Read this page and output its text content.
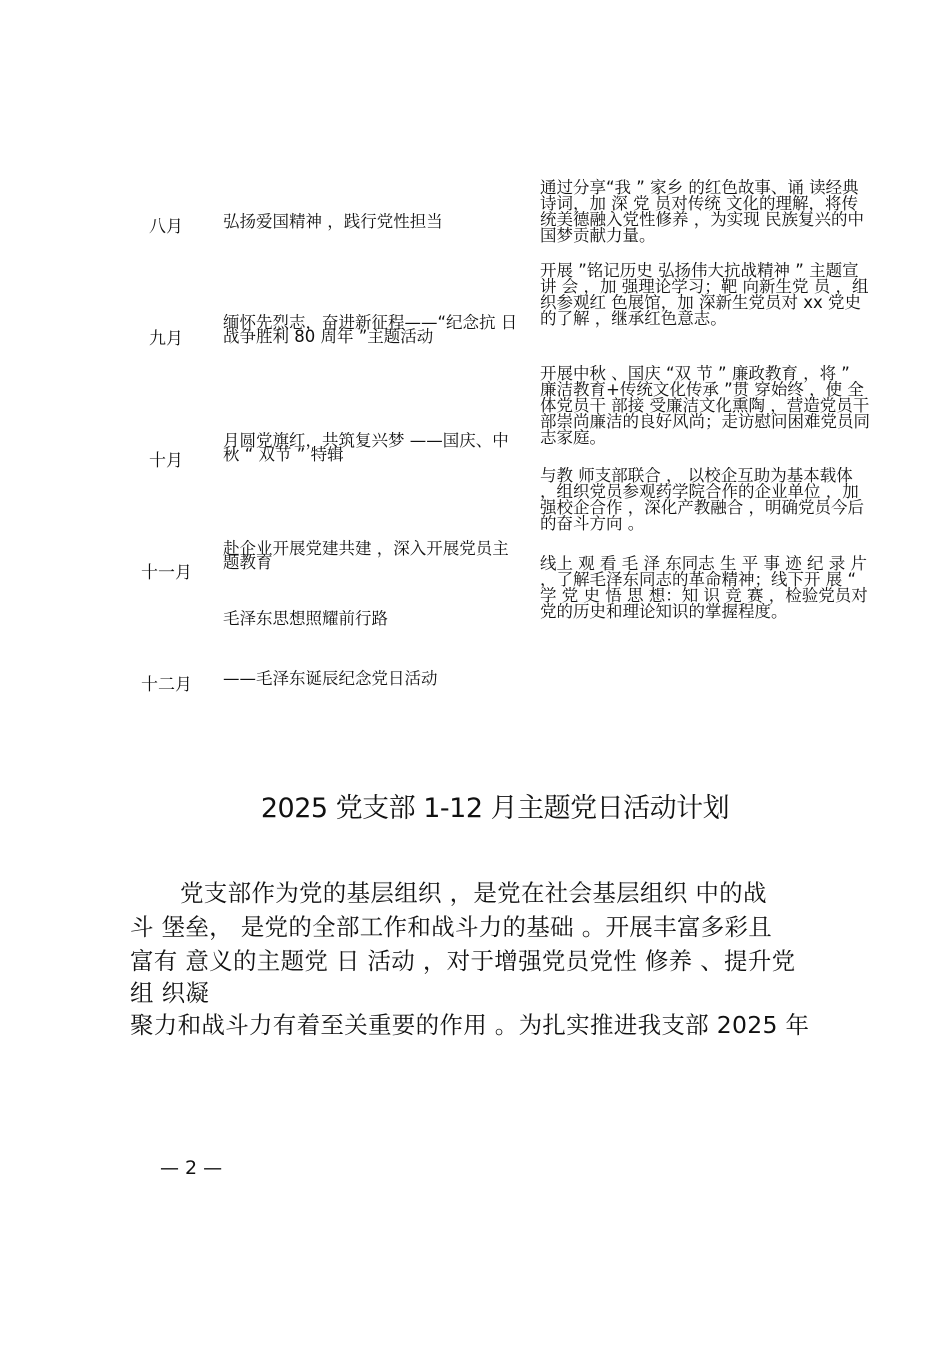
八月 弘扬爱国精神 ，践行党性担当
通过分享“我 ” 家乡 的红色故事、诵 读经典诗词，加 深 党 员对传统 文化的理解，将传统美德融入党性修养 ，为实现 民族复兴的中国梦贡献力量。
九月
缅怀先烈志，奋进新征程——“纪念抗 日战争胜利 80 周年 ”主题活动
开展 ”铭记历史 弘扬伟大抗战精神 ” 主题宣讲 会 ，加 强理论学习；靶 向新生党 员 ，组织参观红 色展馆，加 深新生党员对 xx 党史的了解 ，继承红色意志。
十月
月圆党旗红，共筑复兴梦 ——国庆、中 秋 “ 双节 ” 特辑
开展中秋 、国庆 “双 节 ” 廉政教育 ，将 ” 廉洁教育+传统文化传承 ”贯 穿始终 ，使 全体党员干 部接 受廉洁文化熏陶 ，营造党员干部崇尚廉洁的良好风尚；走访慰问困难党员同志家庭。
十一月
赴企业开展党建共建 ，深入开展党员主 题教育
与教 师支部联合 ， 以校企互助为基本载体 ，组织党员参观药学院合作的企业单位 ，加强校企合作 ，深化产教融合 ，明确党员今后的奋斗方向 。
毛泽东思想照耀前行路
十二月 ——毛泽东诞辰纪念党日活动
线上 观 看 毛 泽 东同志 生 平 事 迹 纪 录 片 ，了解毛泽东同志的革命精神；线下开 展 “ 学 党 史 悟 思 想：知 识 竞 赛 ，检验党员对党的历史和理论知识的掌握程度。
2025 党支部 1-12 月主题党日活动计划
党支部作为党的基层组织 ，是党在社会基层组织 中的战
斗 堡垒， 是党的全部工作和战斗力的基础 。开展丰富多彩且
富有 意义的主题党 日 活动 ，对于增强党员党性 修养 、提升党
组 织凝
聚力和战斗力有着至关重要的作用 。为扎实推进我支部 2025 年
— 2 —
